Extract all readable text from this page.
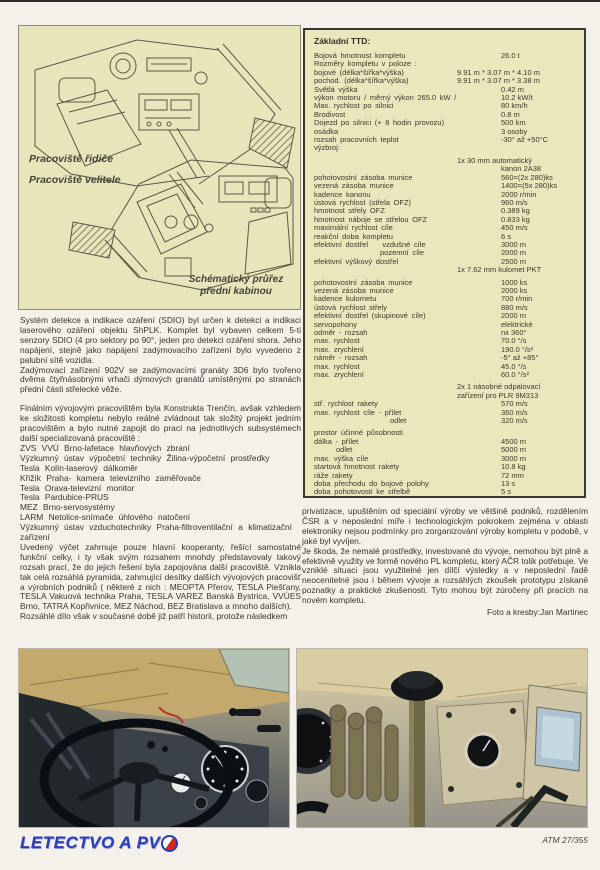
Pracoviště řidiče
Pracoviště velitele
Schématický průřez
přední kabinou
Základní TTD:
Bojová hmotnost kompletu	26.0 t
Rozměry kompletu v poloze :
bojové (délka*šířka*výška)	9.91 m * 3.07 m * 4.10 m
pochod. (délka*šířka*výška)	9.91 m * 3.07 m * 3.38 m
Světlá výška	0.42 m
výkon motoru / měrný výkon 265.0 kW /	10.2 kW/t
Max. rychlost po silnici	80 km/h
Brodivost	0.8 m
Dojezd po silnici (+ 8 hodin provozu)	500 km
osádka	3 osoby
rozsah pracovních teplot	-30° až +50°C
výzbroj:
1x 30 mm automatický
kanon 2A38
pohotovostní zásoba munice	560=(2x 280)ks
vezená zásoba munice	1400=(5x 280)ks
kadence kanonu	2000 r/min
ústová rychlost (střela OFZ)	960 m/s
hmotnost střely OFZ	0.389 kg
hmotnost náboje se střelou OFZ	0.833 kg
maximální rychlost cíle	450 m/s
reakční doba kompletu	6 s
efektivní dostřel    vzdušné cíle	3000 m
pozemní cíle	2000 m
efektivní výškový dostřel	2500 m
1x 7.62 mm kulomet PKT
pohotovostní zásoba munice	1000 ks
vezená zásoba munice	2000 ks
kadence kulometu	700 r/min
ústová rychlost střely	880 m/s
efektivní dostřel (skupinové cíle)	2000 m
servopohony	elektrické
odměr - rozsah	nx 360°
max. rychlost	70.0 °/s
max. zrychlení	190.0 °/s²
náměr - rozsah	-5° až +85°
max. rychlost	45.0 °/s
max. zrychlení	60.0 °/s²
2x 1 násobné odpalovací
zařízení pro PLR 9M313
stř. rychlost rakety	570 m/s
max. rychlost cíle - přílet	360 m/s
odlet	320 m/s
prostor účinné působnosti
dálka - přílet	4500 m
odlet	5000 m
max. výška cíle	3000 m
startová hmotnost rakety	10.8 kg
ráže rakety	72 mm
doba přechodu do bojové polohy	13 s
doba pohotovosti ke střelbě	5 s
Systém detekce a indikace ozáření (SDIO) byl určen k detekci a indikaci laserového ozáření objektu ShPLK. Komplet byl vybaven celkem 5-ti senzory SDIO (4 pro sektory po 90°, jeden pro detekci ozáření shora. Jeho napájení, stejně jako napájení zadýmovacího zařízení bylo vyvedeno z palubní sítě vozidla.
Zadýmovací zařízení 902V se zadýmovacími granáty 3D6 bylo tvořeno dvěma čtyřnásobnými vrhači dýmových granátů umístěnými po stranách přední části střelecké věže.
Finálním vývojovým pracovištěm byla Konstrukta Trenčín, avšak vzhledem ke složitosti kompletu nebylo reálné zvládnout tak složitý projekt jedním pracovištěm a bylo nutné zapojit do prací na jednotlivých subsystémech další specializovaná pracoviště :
ZVS VVÚ Brno-lafetace hlavňových zbraní
Výzkumný ústav výpočetní techniky Žilina-výpočetní prostředky
Tesla Kolín-laserový dálkoměr
Křižík Praha- kamera televizního zaměřovače
Tesla Orava-televizní monitor
Tesla Pardubice-PRUS
MEZ Brno-servosystémy
LARM Netolice-snímače úhlového natočení
Výzkumný ústav vzduchotechniky Praha-filtroventilační a klimatizační zařízení
Uvedený výčet zahrnuje pouze hlavní kooperanty, řešící samostatné funkční celky, i ty však svým rozsahem mnohdy představovaly takový rozsah prací, že do jejich řešení byla zapojována další pracoviště. Vznikla tak celá rozsáhlá pyramida, zahrnující desítky dalších vývojových pracovišť a výrobních podniků ( některé z nich : MEOPTA Přerov, TESLA Piešťany, TESLA Vakuová technika Praha, TESLA VAREZ Banská Bystrica, VVÚES Brno, TATRA Kopřivnice, MEZ Náchod, BEZ Bratislava a mnoho dalších).
Rozsáhlé dílo však v současné době již patří historii, protože následkem
privatizace, upuštěním od speciální výroby ve většině podniků, rozdělením ČSR a v neposlední míře i technologickým pokrokem zejména v oblasti elektroniky nejsou podmínky pro zorganizování výroby kompletu v podobě, v jaké byl vyvíjen.
Je škoda, že nemalé prostředky, investované do vývoje, nemohou být plně a efektivně využity ve formě nového PL kompletu, který AČR tolik potřebuje. Ve vzniklé situaci jsou využitelné jen dílčí výsledky a v neposlední řadě neocenitelné jsou i během vývoje a rozsáhlých zkoušek prototypu získané poznatky a praktické zkušenosti. Tyto mohou být zúročeny při pracích na novém kompletu.
Foto a kresby:Jan Martinec
LETECTVO A PV	ATM 27/355
